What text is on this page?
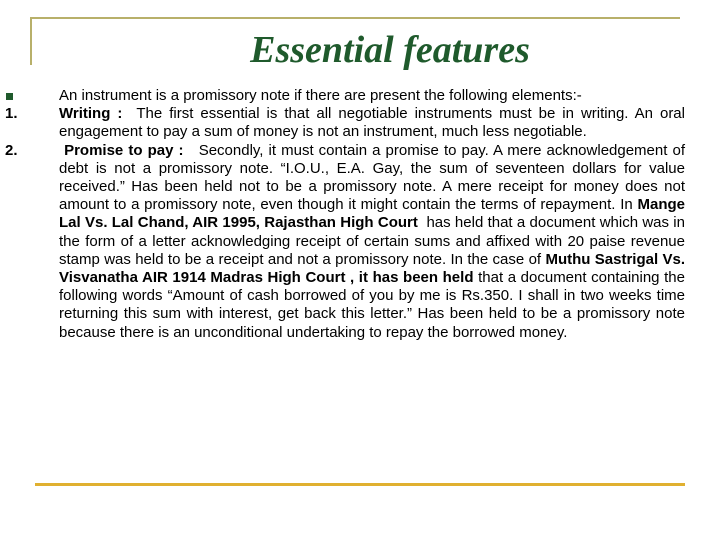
Essential features
An instrument is a promissory note if there are present the following elements:-
1.	Writing : The first essential is that all negotiable instruments must be in writing. An oral engagement to pay a sum of money is not an instrument, much less negotiable.
2.	Promise to pay : Secondly, it must contain a promise to pay. A mere acknowledgement of debt is not a promissory note. “I.O.U., E.A. Gay, the sum of seventeen dollars for value received.” Has been held not to be a promissory note. A mere receipt for money does not amount to a promissory note, even though it might contain the terms of repayment. In Mange Lal Vs. Lal Chand, AIR 1995, Rajasthan High Court has held that a document which was in the form of a letter acknowledging receipt of certain sums and affixed with 20 paise revenue stamp was held to be a receipt and not a promissory note. In the case of Muthu Sastrigal Vs. Visvanatha AIR 1914 Madras High Court , it has been held that a document containing the following words “Amount of cash borrowed of you by me is Rs.350. I shall in two weeks time returning this sum with interest, get back this letter.” Has been held to be a promissory note because there is an unconditional undertaking to repay the borrowed money.
